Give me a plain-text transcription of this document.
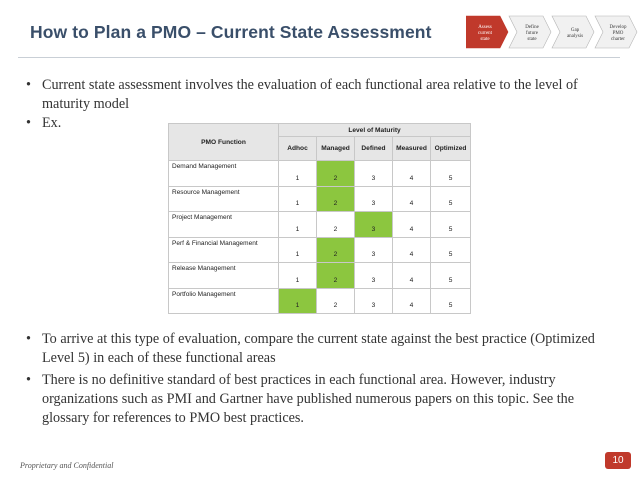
How to Plan a PMO – Current State Assessment	Assess
current
state
Define
future
state
Gap
analysis
Develop
PMO
charter
• Current state assessment involves the evaluation of each functional area relative to the level of maturity model
• Ex.
PMO Function	Level of Maturity				
	Adhoc	Managed	Defined	Measured	Optimized
Demand Management	1	2	3	4	5
Resource Management	1	2	3	4	5
Project Management	1	2	3	4	5
Perf & Financial Management	1	2	3	4	5
Release Management	1	2	3	4	5
Portfolio Management	1	2	3	4	5
• To arrive at this type of evaluation, compare the current state against the best practice (Optimized Level 5) in each of these functional areas
• There is no definitive standard of best practices in each functional area. However, industry organizations such as PMI and Gartner have published numerous papers on this topic. See the glossary for references to PMO best practices.
Proprietary and Confidential	10
